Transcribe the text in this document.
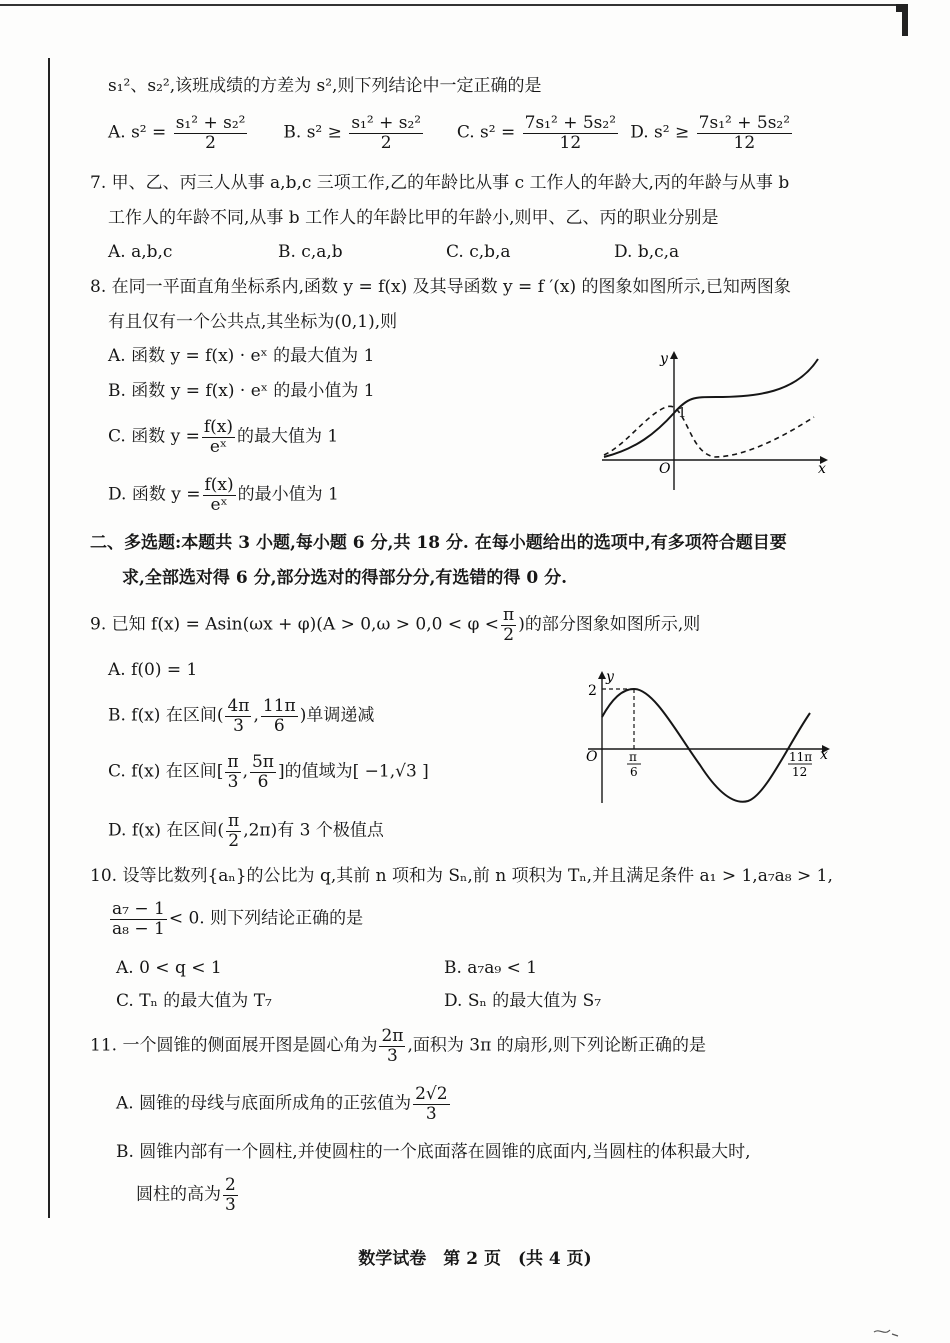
s₁²、s₂²,该班成绩的方差为 s²,则下列结论中一定正确的是
A. $s^2 = \frac{\text{s₁² + s₂²}}{2} B$. $s^2 \ge \frac{\text{s₁² + s₂²}}{2} C$. $s^2 = \frac{\text{7s₁² + 5s₂²}}{12} D$. $s^2 \ge \frac{\text{7s₁² + 5s₂²}}{12}$
7. 甲、乙、丙三人从事 a,b,c 三项工作,乙的年龄比从事 c 工作人的年龄大,丙的年龄与从事 b
工作人的年龄不同,从事 b 工作人的年龄比甲的年龄小,则甲、乙、丙的职业分别是
A. a,b,c	B. c,a,b	C. c,b,a	D. b,c,a
8. 在同一平面直角坐标系内,函数 y = f(x) 及其导函数 y = f ′(x) 的图象如图所示,已知两图象
有且仅有一个公共点,其坐标为(0,1),则
A. 函数 y = f(x) · eˣ 的最大值为 1
B. 函数 y = f(x) · eˣ 的最小值为 1
C. 函数 $y = \frac{f(x)}{\text{eˣ}}$ 的最大值为 1
D. 函数 $y = \frac{f(x)}{\text{eˣ}}$ 的最小值为 1
y
x
O
1
二、多选题:本题共 3 小题,每小题 6 分,共 18 分. 在每小题给出的选项中,有多项符合题目要
求,全部选对得 6 分,部分选对的得部分分,有选错的得 0 分.
9. 已知 $f(x) = Asin(\omega x + \varphi)(A > 0,\omega > 0,0 < \varphi < \frac{\pi}{2}$ )的部分图象如图所示,则
A. f(0) = 1
B. f(x) 在区间( $\frac{4\pi}{3}$ , $\frac{11\pi}{6}$ )单调递减
C. f(x) 在区间[ $\frac{\pi}{3}$ , $\frac{5\pi}{6}$ ]的值域为[ −1,√3 ]
D. f(x) 在区间( $\frac{\pi}{2} ,2\pi$)有 3 个极值点
y
x
O
2
π
6
11π
12
10. 设等比数列{aₙ}的公比为 q,其前 n 项和为 Sₙ,前 n 项积为 Tₙ,并且满足条件 a₁ > 1,a₇a₈ > 1,
$\frac{\text{a₇ − 1}}{\text{a₈ − 1}} < 0$. 则下列结论正确的是
A. 0 < q < 1	B. a₇a₉ < 1
C. Tₙ 的最大值为 T₇	D. Sₙ 的最大值为 S₇
11. 一个圆锥的侧面展开图是圆心角为 $\frac{2\pi}{3}$ ,面积为 3π 的扇形,则下列论断正确的是
A. 圆锥的母线与底面所成角的正弦值为 $\frac{2√2}{3}$
B. 圆锥内部有一个圆柱,并使圆柱的一个底面落在圆锥的底面内,当圆柱的体积最大时,
圆柱的高为 $\frac{2}{3}$
数学试卷　第 2 页　(共 4 页)
